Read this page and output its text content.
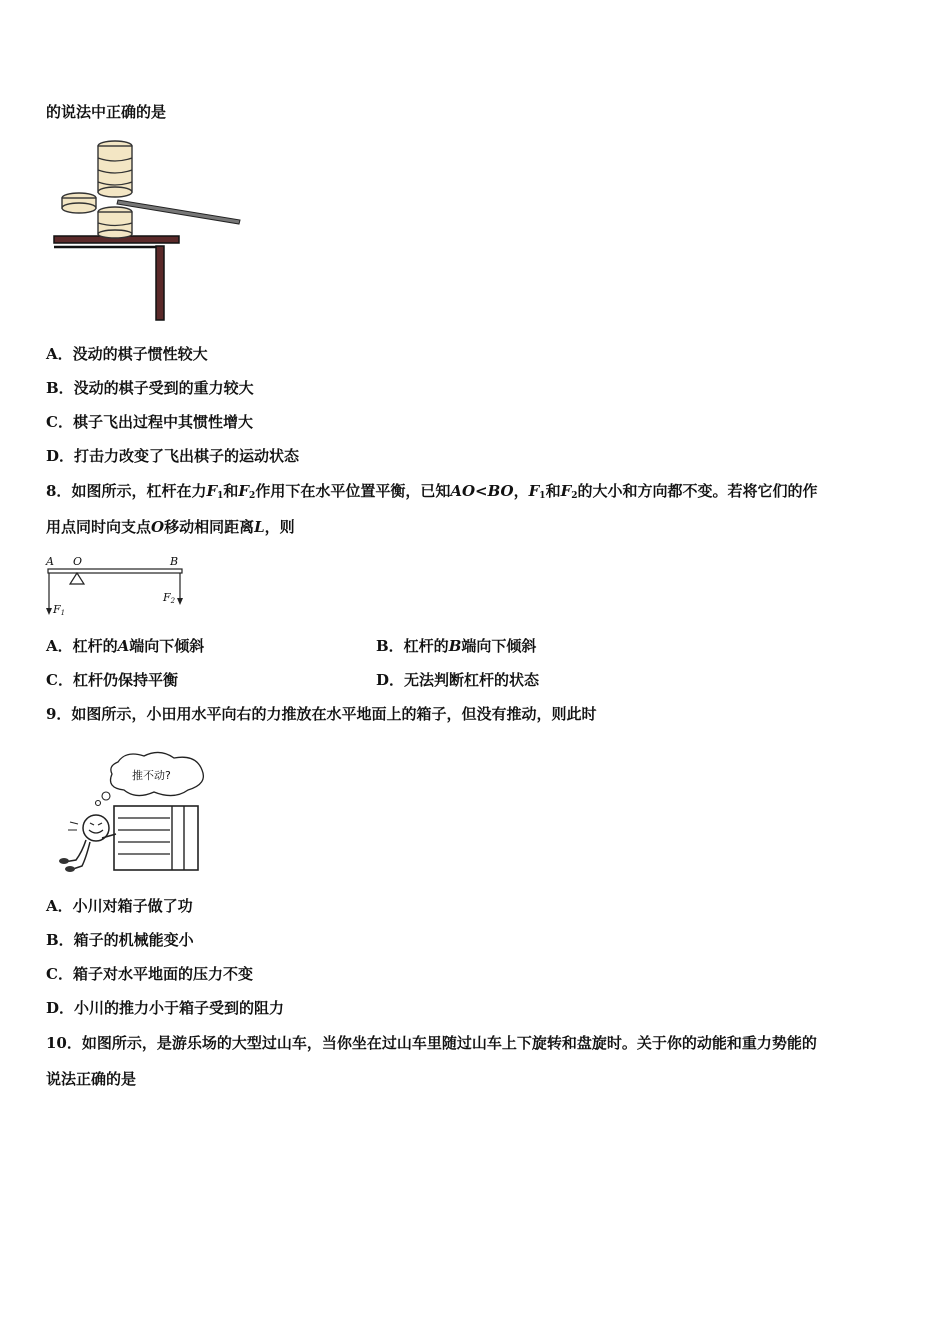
的说法中正确的是
A．没动的棋子惯性较大
B．没动的棋子受到的重力较大
C．棋子飞出过程中其惯性增大
D．打击力改变了飞出棋子的运动状态
8．如图所示，杠杆在力$F_1$和$F_2$作用下在水平位置平衡，已知AO<BO，$F_1$和$F_2$的大小和方向都不变。若将它们的作
用点同时向支点O移动相同距离L，则
A O	B
F1
F2
A．杠杆的A端向下倾斜	B．杠杆的B端向下倾斜
C．杠杆仍保持平衡	D．无法判断杠杆的状态
9．如图所示，小田用水平向右的力推放在水平地面上的箱子，但没有推动，则此时
推不动?
A．小川对箱子做了功
B．箱子的机械能变小
C．箱子对水平地面的压力不变
D．小川的推力小于箱子受到的阻力
10．如图所示，是游乐场的大型过山车，当你坐在过山车里随过山车上下旋转和盘旋时。关于你的动能和重力势能的
说法正确的是
